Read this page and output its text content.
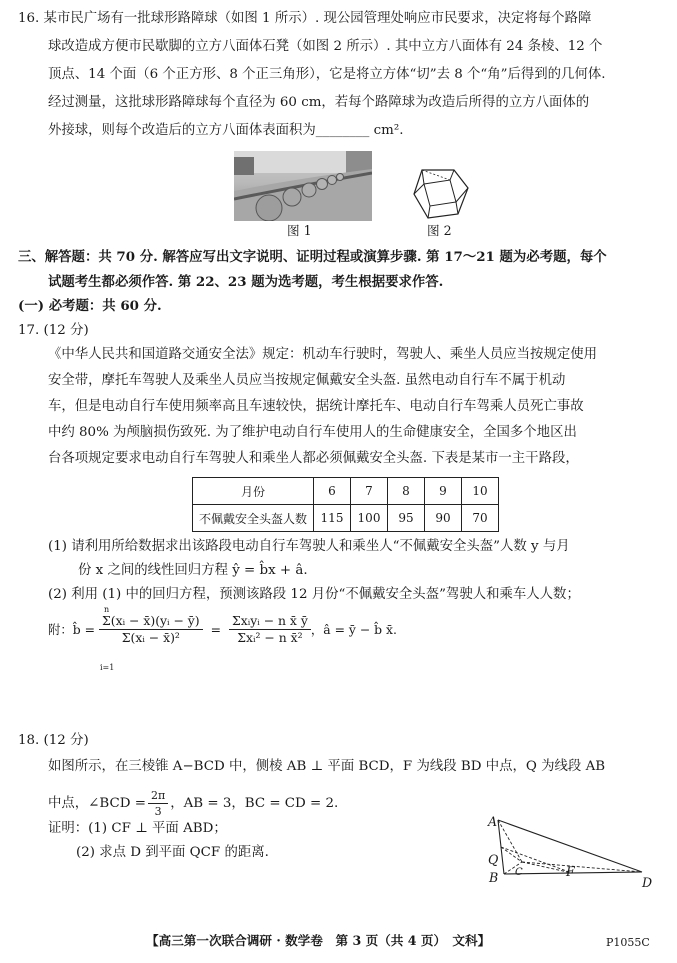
16. 某市民广场有一批球形路障球（如图 1 所示）. 现公园管理处响应市民要求，决定将每个路障
球改造成方便市民歇脚的立方八面体石凳（如图 2 所示）. 其中立方八面体有 24 条棱、12 个
顶点、14 个面（6 个正方形、8 个正三角形），它是将立方体“切”去 8 个“角”后得到的几何体.
经过测量，这批球形路障球每个直径为 60 cm，若每个路障球为改造后所得的立方八面体的
外接球，则每个改造后的立方八面体表面积为________ cm².
图 1	图 2
三、解答题：共 70 分. 解答应写出文字说明、证明过程或演算步骤. 第 17～21 题为必考题，每个
试题考生都必须作答. 第 22、23 题为选考题，考生根据要求作答.
(一) 必考题：共 60 分.
17. (12 分)
《中华人民共和国道路交通安全法》规定：机动车行驶时，驾驶人、乘坐人员应当按规定使用
安全带，摩托车驾驶人及乘坐人员应当按规定佩戴安全头盔. 虽然电动自行车不属于机动
车，但是电动自行车使用频率高且车速较快，据统计摩托车、电动自行车驾乘人员死亡事故
中约 80% 为颅脑损伤致死. 为了维护电动自行车使用人的生命健康安全，全国多个地区出
台各项规定要求电动自行车驾驶人和乘坐人都必须佩戴安全头盔. 下表是某市一主干路段，
月份	6	7	8	9	10
不佩戴安全头盔人数	115	100	95	90	70
(1) 请利用所给数据求出该路段电动自行车驾驶人和乘坐人“不佩戴安全头盔”人数 y 与月
份 x 之间的线性回归方程 ŷ = b̂x + â.
(2) 利用 (1) 中的回归方程，预测该路段 12 月份“不佩戴安全头盔”驾驶人和乘车人人数；
附：b̂ = $\frac{\text{Σ(xᵢ − x̄)(yᵢ − ȳ)}}{\text{Σ(xᵢ − x̄)²}} = \frac{\text{Σxᵢyᵢ − n x̄ ȳ}}{\text{Σxᵢ² − n x̄²}}$ ，â = ȳ − b̂ x̄.
n
i=1
18. (12 分)
如图所示，在三棱锥 A−BCD 中，侧棱 AB ⊥ 平面 BCD，F 为线段 BD 中点，Q 为线段 AB
中点，∠BCD = $\frac{2\pi}{3}$ ，AB = 3，BC = CD = 2.
证明：(1) CF ⊥ 平面 ABD；
(2) 求点 D 到平面 QCF 的距离.
A
Q
C
D
B	F
【高三第一次联合调研 · 数学卷　第 3 页（共 4 页）　文科】	P1055C
